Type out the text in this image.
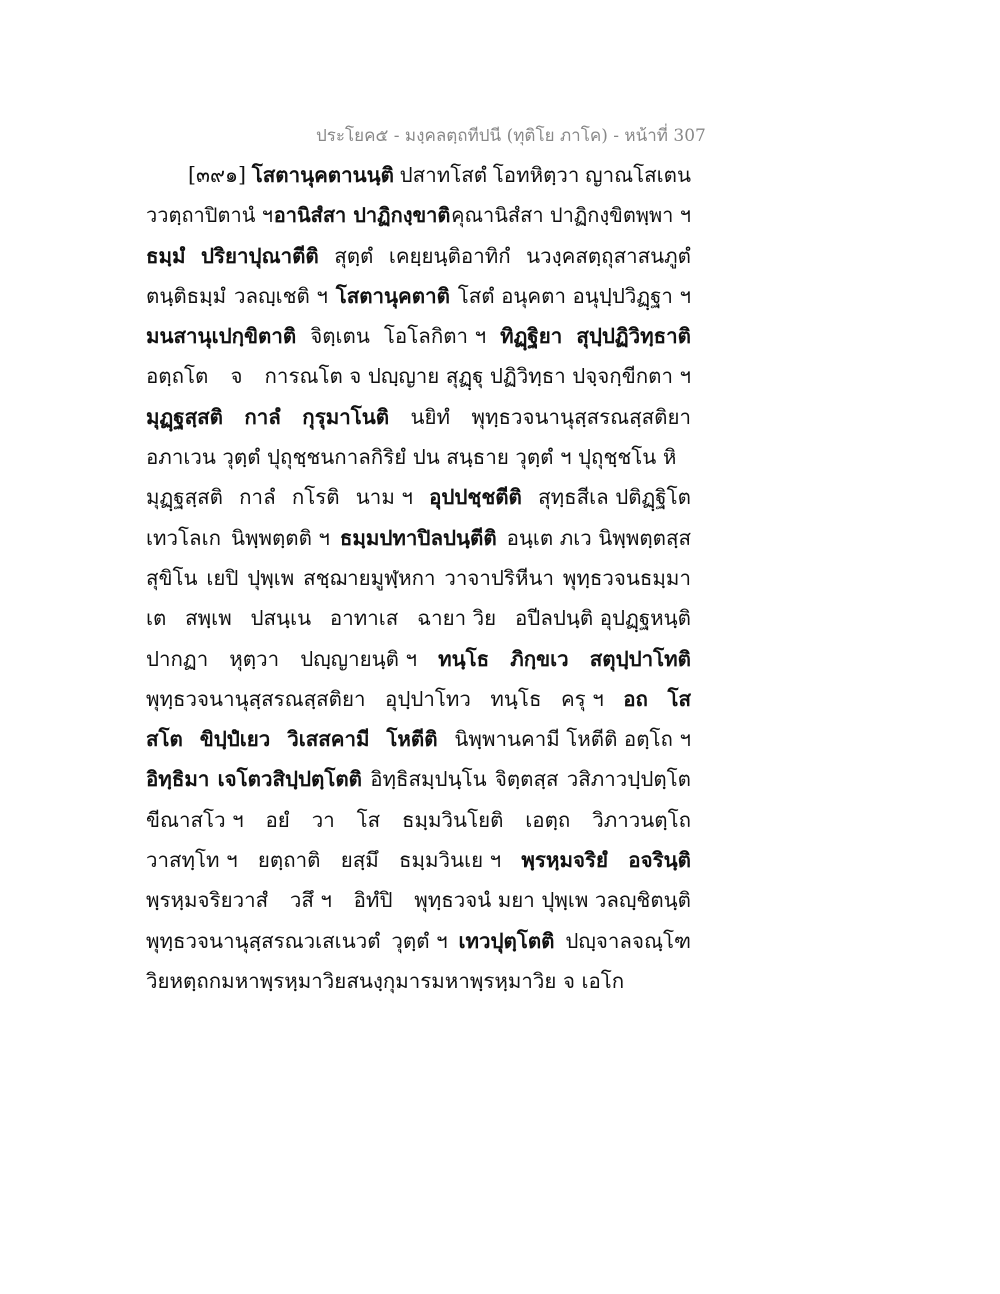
ประโยค๕ - มงฺคลตฺถทีปนี (ทุติโย ภาโค) - หน้าที่ 307
[๓๙๑] โสตานุคตานนฺติ ปสาทโสตํ โอทหิตฺวา ญาณโสเตน
ววตฺถาปิตานํ ฯ อานิสํสา ปาฏิกงฺขาติ คุณานิสํสา ปาฏิกงฺขิตพฺพา ฯ
ธมฺมํ ปริยาปุณาตีติ สุตฺตํ เคยฺยนฺติอาทิกํ นวงฺคสตฺถุสาสนภูตํ
ตนฺติธมฺมํ วลญฺเชติ ฯ โสตานุคตาติ โสตํ อนุคตา อนุปฺปวิฏฺฐา ฯ
มนสานุเปกฺขิตาติ จิตฺเตน โอโลกิตา ฯ ทิฏฺฐิยา สุปฺปฏิวิทฺธาติ
อตฺถโต จ การณโต จ ปญฺญาย สุฏฺฐุ ปฏิวิทฺธา ปจฺจกฺขีกตา ฯ
มุฏฺฐสฺสติ กาลํ กุรุมาโนติ นยิทํ พุทฺธวจนานุสฺสรณสฺสติยา
อภาเวน วุตฺตํ ปุถุชฺชนกาลกิริยํ ปน สนฺธาย วุตฺตํ ฯ ปุถุชฺชโน หิ
มุฏฺฐสฺสติ กาลํ กโรติ นาม ฯ อุปปชฺชตีติ สุทฺธสีเล ปติฏฺฐิโต
เทวโลเก นิพฺพตฺตติ ฯ ธมฺมปทาปิลปนฺตีติ อนฺเต ภเว นิพฺพตฺตสฺส
สุขิโน เยปิ ปุพฺเพ สชฺฌายมูฬฺหกา วาจาปริหีนา พุทฺธวจนธมฺมา
เต สพฺเพ ปสนฺเน อาทาเส ฉายา วิย อปีลปนฺติ อุปฏฺฐหนฺติ
ปากฏา หุตฺวา ปญฺญายนฺติ ฯ ทนฺโธ ภิกฺขเว สตุปฺปาโทติ
พุทฺธวจนานุสฺสรณสฺสติยา อุปฺปาโทว ทนฺโธ ครุ ฯ อถ โส
สโต ขิปฺปํเยว วิเสสคามี โหตีติ นิพฺพานคามี โหตีติ อตฺโถ ฯ
อิทฺธิมา เจโตวสิปฺปตฺโตติ อิทฺธิสมฺปนฺโน จิตฺตสฺส วสิภาวปฺปตฺโต
ขีณาสโว ฯ อยํ วา โส ธมฺมวินโยติ เอตฺถ วิภาวนตฺโถ
วาสทฺโท ฯ ยตฺถาติ ยสฺมึ ธมฺมวินเย ฯ พฺรหฺมจริยํ อจรินฺติ
พฺรหฺมจริยวาสํ วสึ ฯ อิทํปิ พุทฺธวจนํ มยา ปุพฺเพ วลญฺชิตนฺติ
พุทฺธวจนานุสฺสรณวเสเนวตํ วุตฺตํ ฯ เทวปุตฺโตติ ปญฺจาลจณฺโฑ
วิย หตฺถกมหาพฺรหฺมา วิย สนงฺกุมารมหาพฺรหฺมา วิย จ เอโก
